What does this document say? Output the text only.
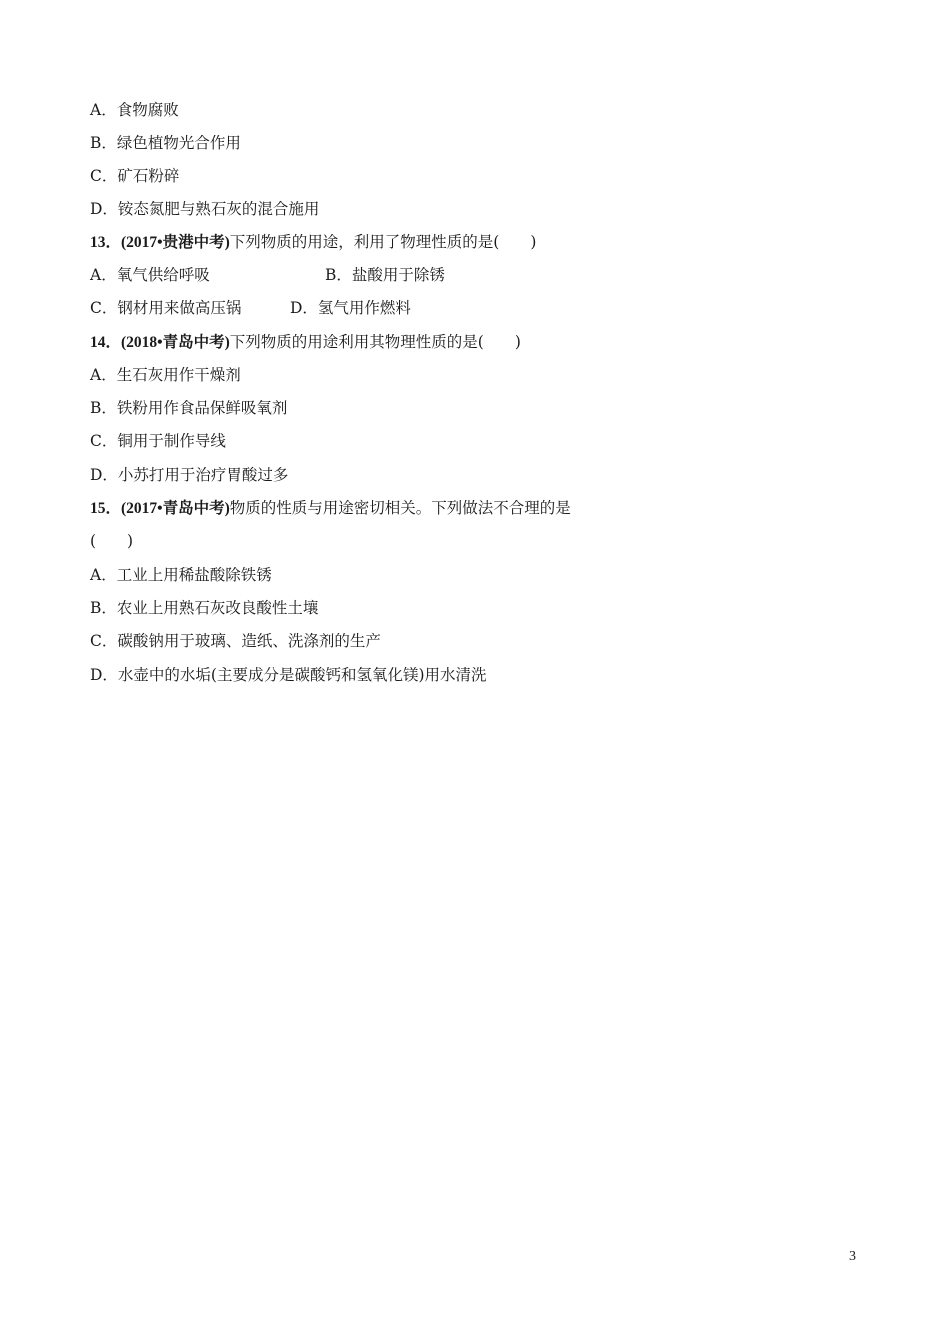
A．食物腐败
B．绿色植物光合作用
C．矿石粉碎
D．铵态氮肥与熟石灰的混合施用
13．(2017•贵港中考)下列物质的用途，利用了物理性质的是(　　)
A．氧气供给呼吸	B．盐酸用于除锈
C．钢材用来做高压锅	D．氢气用作燃料
14．(2018•青岛中考)下列物质的用途利用其物理性质的是(　　)
A．生石灰用作干燥剂
B．铁粉用作食品保鲜吸氧剂
C．铜用于制作导线
D．小苏打用于治疗胃酸过多
15．(2017•青岛中考)物质的性质与用途密切相关。下列做法不合理的是
(　　)
A．工业上用稀盐酸除铁锈
B．农业上用熟石灰改良酸性土壤
C．碳酸钠用于玻璃、造纸、洗涤剂的生产
D．水壶中的水垢(主要成分是碳酸钙和氢氧化镁)用水清洗
3
